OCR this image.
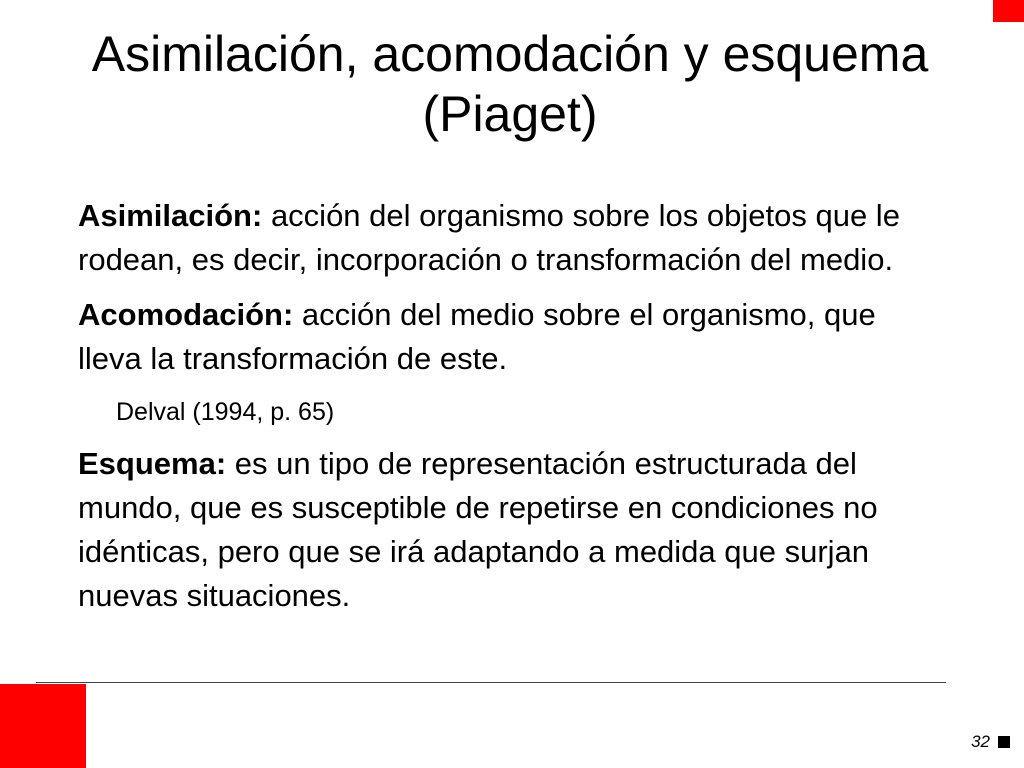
Asimilación, acomodación y esquema (Piaget)

Asimilación: acción del organismo sobre los objetos que le rodean, es decir, incorporación o transformación del medio.

Acomodación: acción del medio sobre el organismo, que lleva la transformación de este.

Delval (1994, p. 65)

Esquema: es un tipo de representación estructurada del mundo, que es susceptible de repetirse en condiciones no idénticas, pero que se irá adaptando a medida que surjan nuevas situaciones.

32
